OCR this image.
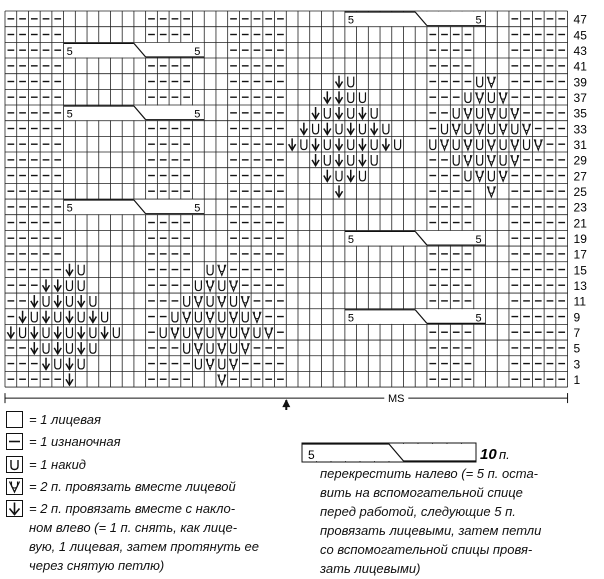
5	5
5	5
5	5
5	5
5	5
5	5
1
3
5
7
9
11
13
15
17
19
21
23
25
27
29
31
33
35
37
39
41
43
45
47
MS
= 1 лицевая
= 1 изнаночная
= 1 накид
= 2 п. провязать вместе лицевой
= 2 п. провязать вместе с накло-
ном влево (= 1 п. снять, как лице-
вую, 1 лицевая, затем протянуть ее
через снятую петлю)
5	10 п.
перекрестить налево (= 5 п. оста-
вить на вспомогательной спице
перед работой, следующие 5 п.
провязать лицевыми, затем петли
со вспомогательной спицы провя-
зать лицевыми)
